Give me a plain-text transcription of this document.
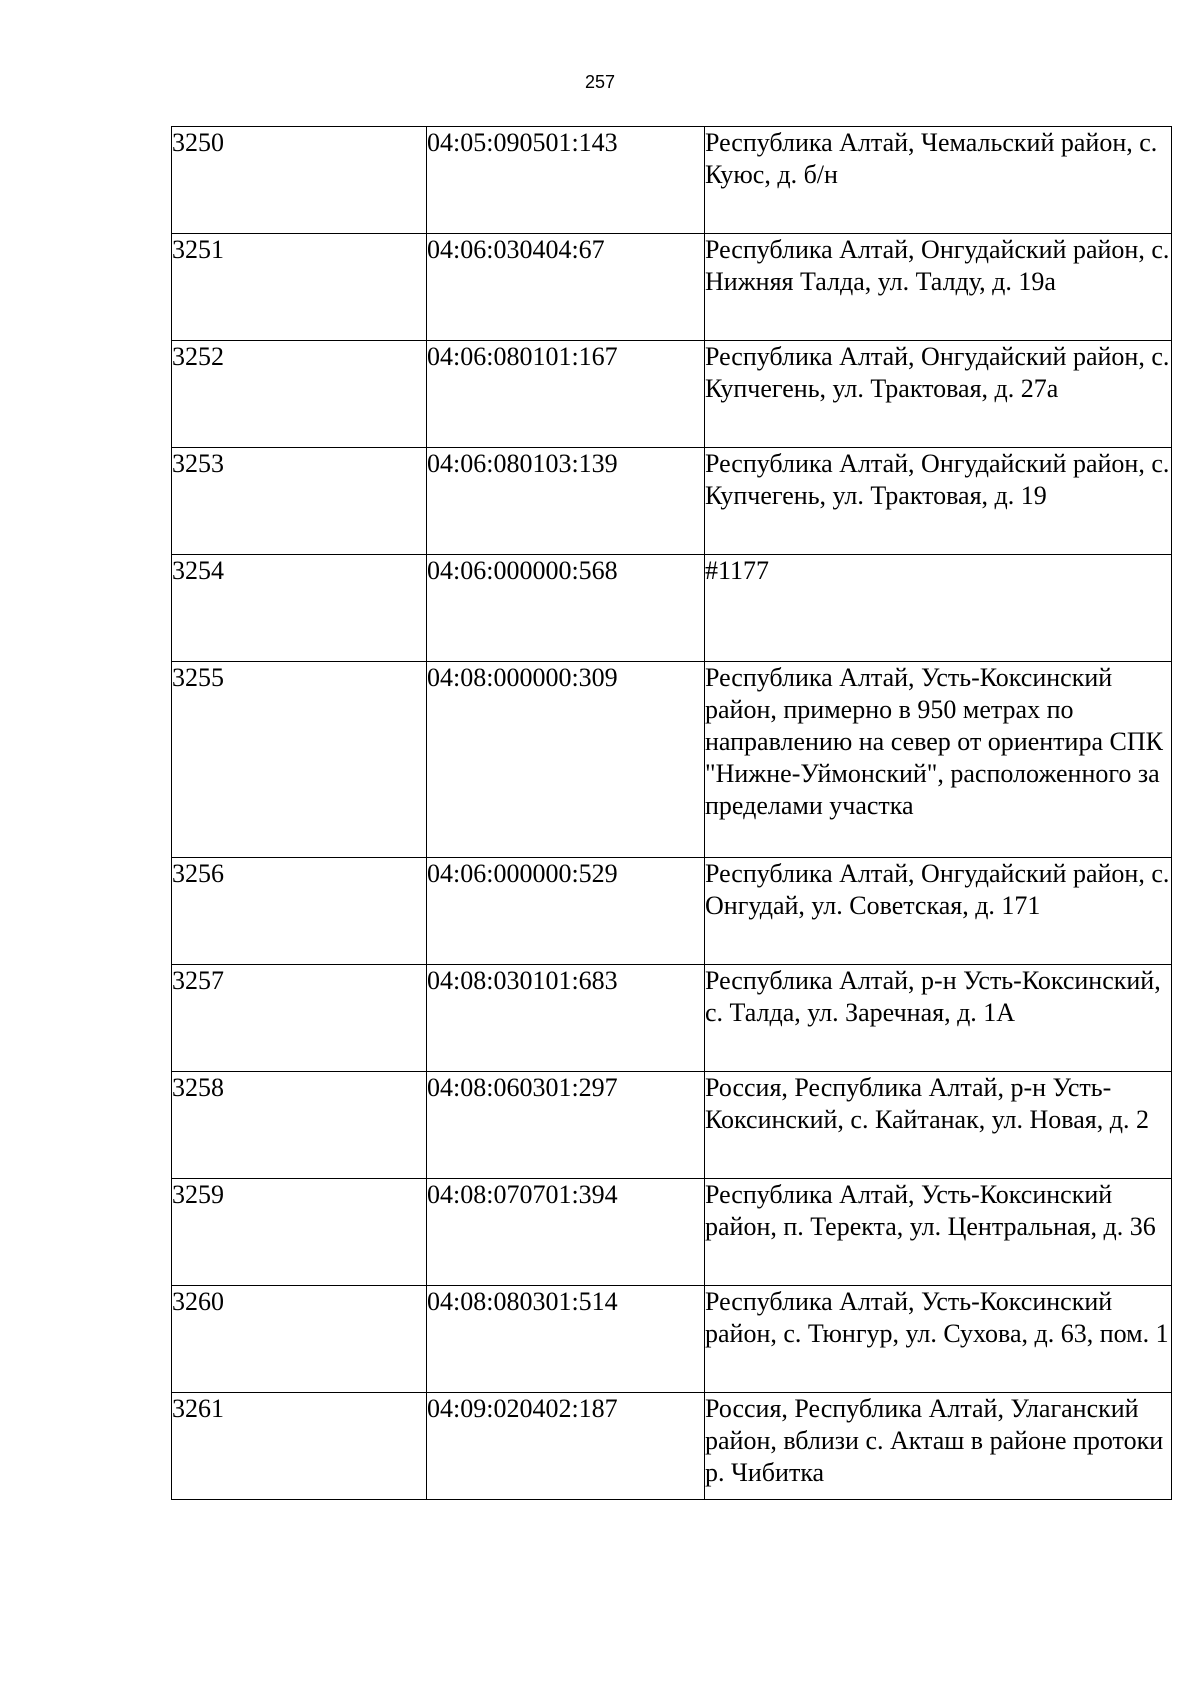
257
3250	04:05:090501:143	Республика Алтай, Чемальский район, с. Куюс, д. б/н
3251	04:06:030404:67	Республика Алтай, Онгудайский район, с. Нижняя Талда, ул. Талду, д. 19а
3252	04:06:080101:167	Республика Алтай, Онгудайский район, с. Купчегень, ул. Трактовая, д. 27а
3253	04:06:080103:139	Республика Алтай, Онгудайский район, с. Купчегень, ул. Трактовая, д. 19
3254	04:06:000000:568	#1177
3255	04:08:000000:309	Республика Алтай, Усть-Коксинский район, примерно в 950 метрах по направлению на север от ориентира СПК "Нижне-Уймонский", расположенного за пределами участка
3256	04:06:000000:529	Республика Алтай, Онгудайский район, с. Онгудай, ул. Советская, д. 171
3257	04:08:030101:683	Республика Алтай, р-н Усть-Коксинский, с. Талда, ул. Заречная, д. 1А
3258	04:08:060301:297	Россия, Республика Алтай, р-н Усть-Коксинский, с. Кайтанак, ул. Новая, д. 2
3259	04:08:070701:394	Республика Алтай, Усть-Коксинский район, п. Теректа, ул. Центральная, д. 36
3260	04:08:080301:514	Республика Алтай, Усть-Коксинский район, с. Тюнгур, ул. Сухова, д. 63, пом. 1
3261	04:09:020402:187	Россия, Республика Алтай, Улаганский район, вблизи с. Акташ в районе протоки р. Чибитка
